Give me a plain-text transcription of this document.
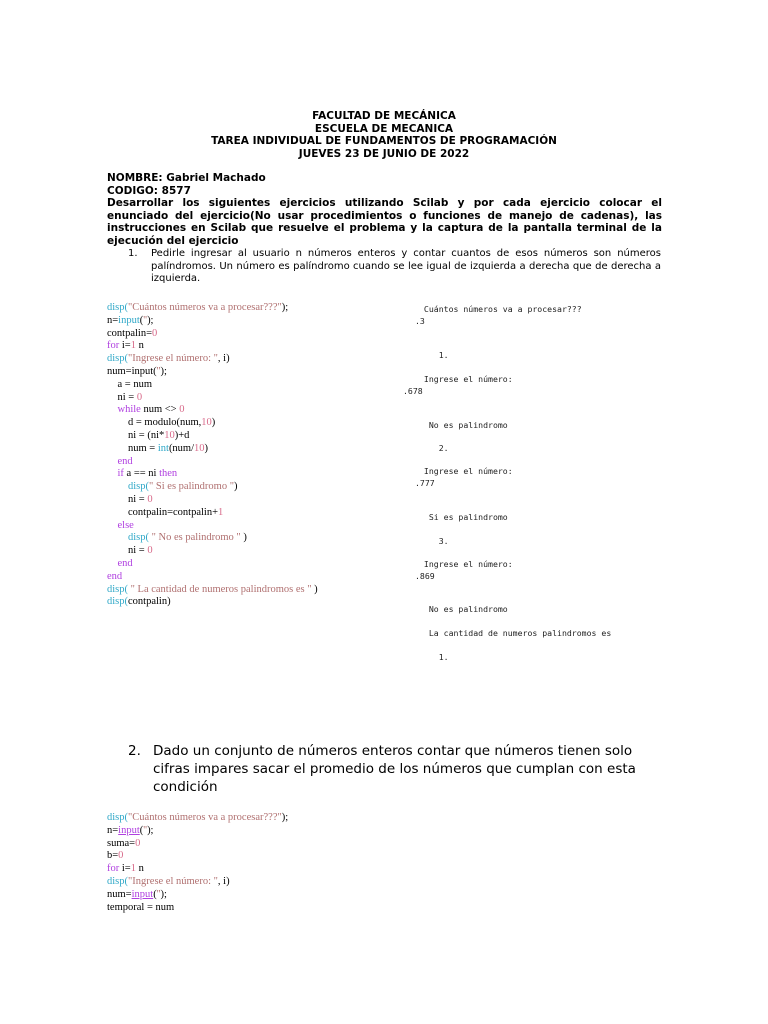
FACULTAD DE MECÁNICA
ESCUELA DE MECANICA
TAREA INDIVIDUAL DE FUNDAMENTOS DE PROGRAMACIÓN
JUEVES 23 DE JUNIO DE 2022
NOMBRE: Gabriel Machado
CODIGO: 8577
Desarrollar los siguientes ejercicios utilizando Scilab y por cada ejercicio colocar el enunciado del ejercicio(No usar procedimientos o funciones de manejo de cadenas), las instrucciones en Scilab que resuelve el problema y la captura de la pantalla terminal de la ejecución del ejercicio
1. Pedirle ingresar al usuario n números enteros y contar cuantos de esos números son números palíndromos. Un número es palíndromo cuando se lee igual de izquierda a derecha que de derecha a izquierda.
disp("Cuántos números va a procesar???");
n=input('');
contpalin=0
for i=1 n
disp("Ingrese el número: ", i)
num=input('');
a = num
ni = 0
while num <> 0
d = modulo(num,10)
ni = (ni*10)+d
num = int(num/10)
end
if a == ni then
disp(" Si es palindromo ")
ni = 0
contpalin=contpalin+1
else
disp( " No es palindromo " )
ni = 0
end
end
disp( " La cantidad de numeros palindromos es " )
disp(contpalin)
Cuántos números va a procesar???
.3
1.
Ingrese el número:
.678
No es palindromo
2.
Ingrese el número:
.777
Si es palindromo
3.
Ingrese el número:
.869
No es palindromo
La cantidad de numeros palindromos es
1.
2. Dado un conjunto de números enteros contar que números tienen solo cifras impares sacar el promedio de los números que cumplan con esta condición
disp("Cuántos números va a procesar???");
n=input('');
suma=0
b=0
for i=1 n
disp("Ingrese el número: ", i)
num=input('');
temporal = num
